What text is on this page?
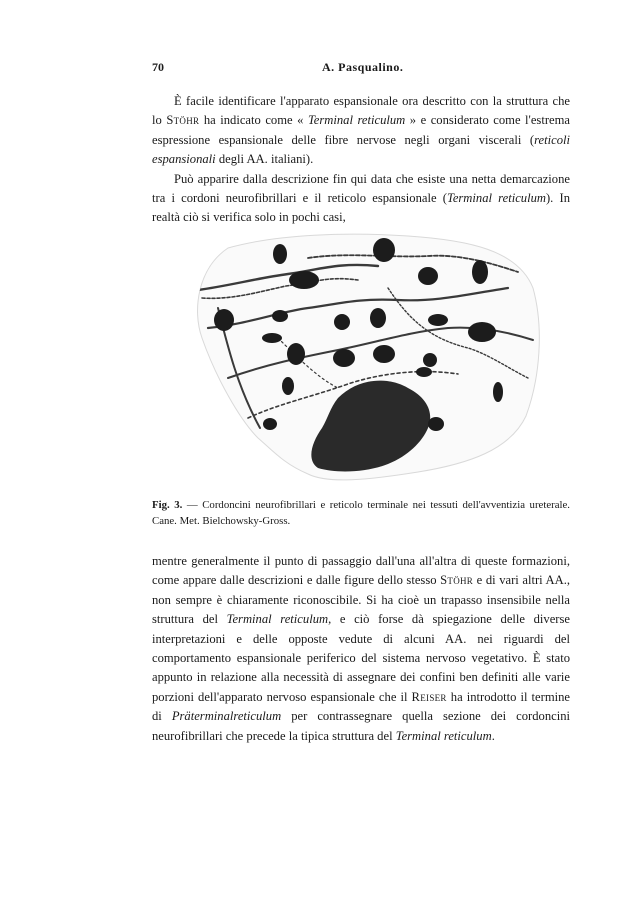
70	A. Pasqualino.

È facile identificare l'apparato espansionale ora descritto con la struttura che lo Stöhr ha indicato come « Terminal reticulum » e considerato come l'estrema espressione espansionale delle fibre nervose negli organi viscerali (reticoli espansionali degli AA. italiani).

Può apparire dalla descrizione fin qui data che esiste una netta demarcazione tra i cordoni neurofibrillari e il reticolo espansionale (Terminal reticulum). In realtà ciò si verifica solo in pochi casi,

Fig. 3. — Cordoncini neurofibrillari e reticolo terminale nei tessuti dell'avventizia ureterale. Cane. Met. Bielchowsky-Gross.

mentre generalmente il punto di passaggio dall'una all'altra di queste formazioni, come appare dalle descrizioni e dalle figure dello stesso Stöhr e di vari altri AA., non sempre è chiaramente riconoscibile. Si ha cioè un trapasso insensibile nella struttura del Terminal reticulum, e ciò forse dà spiegazione delle diverse interpretazioni e delle opposte vedute di alcuni AA. nei riguardi del comportamento espansionale periferico del sistema nervoso vegetativo. È stato appunto in relazione alla necessità di assegnare dei confini ben definiti alle varie porzioni dell'apparato nervoso espansionale che il Reiser ha introdotto il termine di Präterminalreticulum per contrassegnare quella sezione dei cordoncini neurofibrillari che precede la tipica struttura del Terminal reticulum.
